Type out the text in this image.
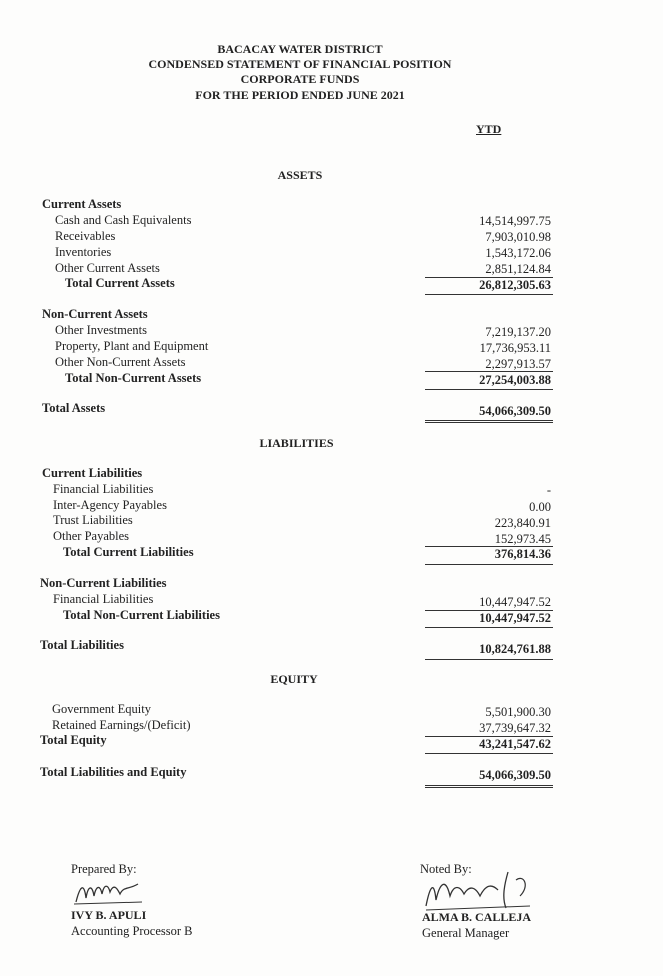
BACACAY WATER DISTRICT
CONDENSED STATEMENT OF FINANCIAL POSITION
CORPORATE FUNDS
FOR THE PERIOD ENDED JUNE 2021
YTD
ASSETS
Current Assets
Cash and Cash Equivalents	14,514,997.75
Receivables	7,903,010.98
Inventories	1,543,172.06
Other Current Assets	2,851,124.84
Total Current Assets	26,812,305.63
Non-Current Assets
Other Investments	7,219,137.20
Property, Plant and Equipment	17,736,953.11
Other Non-Current Assets	2,297,913.57
Total Non-Current Assets	27,254,003.88
Total Assets	54,066,309.50
LIABILITIES
Current Liabilities
Financial Liabilities	-
Inter-Agency Payables	0.00
Trust Liabilities	223,840.91
Other Payables	152,973.45
Total Current Liabilities	376,814.36
Non-Current Liabilities
Financial Liabilities	10,447,947.52
Total Non-Current Liabilities	10,447,947.52
Total Liabilities	10,824,761.88
EQUITY
Government Equity	5,501,900.30
Retained Earnings/(Deficit)	37,739,647.32
Total Equity	43,241,547.62
Total Liabilities and Equity	54,066,309.50
Prepared By:
IVY B. APULI
Accounting Processor B
Noted By:
ALMA B. CALLEJA
General Manager
